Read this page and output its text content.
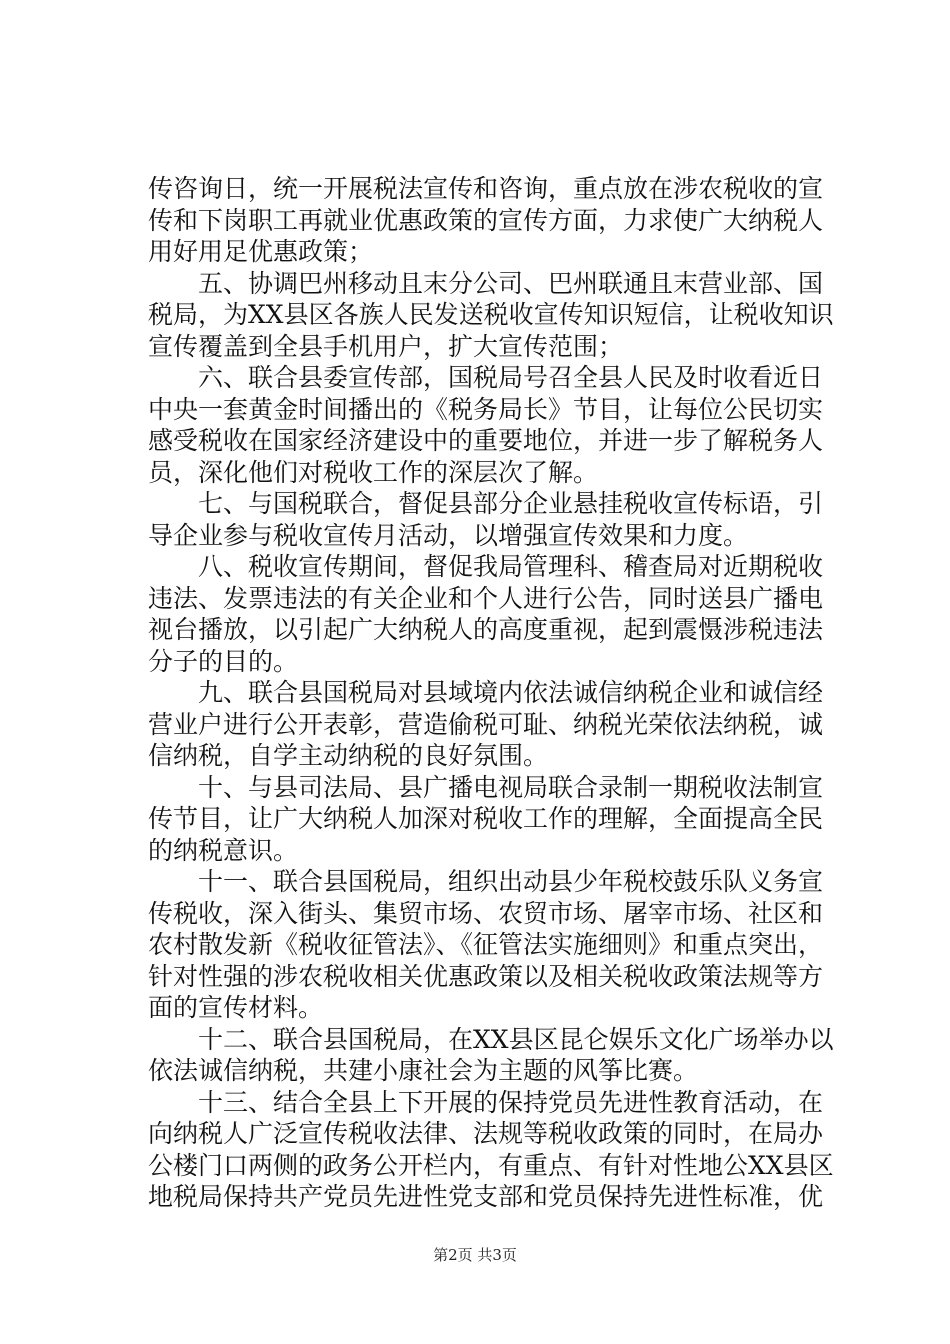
传咨询日，统一开展税法宣传和咨询，重点放在涉农税收的宣
传和下岗职工再就业优惠政策的宣传方面，力求使广大纳税人
用好用足优惠政策；
五、协调巴州移动且末分公司、巴州联通且末营业部、国
税局，为XX县区各族人民发送税收宣传知识短信，让税收知识
宣传覆盖到全县手机用户，扩大宣传范围；
六、联合县委宣传部，国税局号召全县人民及时收看近日
中央一套黄金时间播出的《税务局长》节目，让每位公民切实
感受税收在国家经济建设中的重要地位，并进一步了解税务人
员，深化他们对税收工作的深层次了解。
七、与国税联合，督促县部分企业悬挂税收宣传标语，引
导企业参与税收宣传月活动，以增强宣传效果和力度。
八、税收宣传期间，督促我局管理科、稽查局对近期税收
违法、发票违法的有关企业和个人进行公告，同时送县广播电
视台播放，以引起广大纳税人的高度重视，起到震慑涉税违法
分子的目的。
九、联合县国税局对县域境内依法诚信纳税企业和诚信经
营业户进行公开表彰，营造偷税可耻、纳税光荣依法纳税，诚
信纳税，自学主动纳税的良好氛围。
十、与县司法局、县广播电视局联合录制一期税收法制宣
传节目，让广大纳税人加深对税收工作的理解，全面提高全民
的纳税意识。
十一、联合县国税局，组织出动县少年税校鼓乐队义务宣
传税收，深入街头、集贸市场、农贸市场、屠宰市场、社区和
农村散发新《税收征管法》、《征管法实施细则》和重点突出，
针对性强的涉农税收相关优惠政策以及相关税收政策法规等方
面的宣传材料。
十二、联合县国税局，在XX县区昆仑娱乐文化广场举办以
依法诚信纳税，共建小康社会为主题的风筝比赛。
十三、结合全县上下开展的保持党员先进性教育活动，在
向纳税人广泛宣传税收法律、法规等税收政策的同时，在局办
公楼门口两侧的政务公开栏内，有重点、有针对性地公XX县区
地税局保持共产党员先进性党支部和党员保持先进性标准，优
第2页 共3页
